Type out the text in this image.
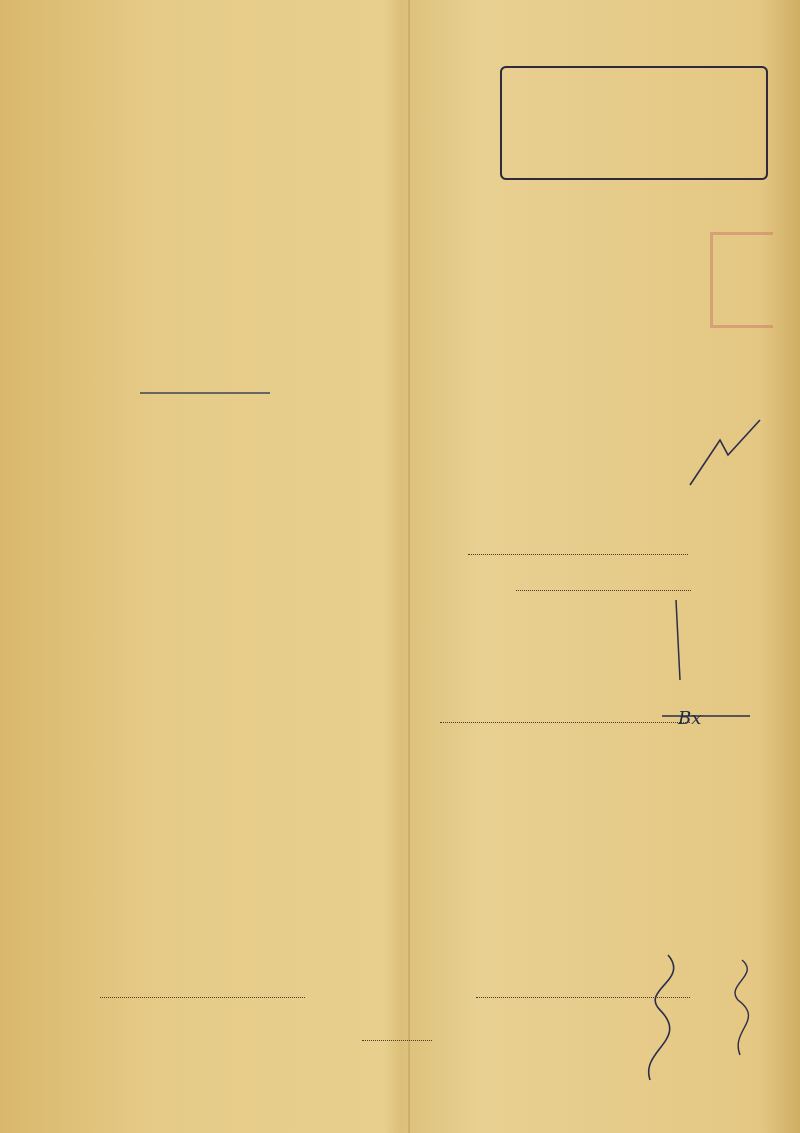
Bx
